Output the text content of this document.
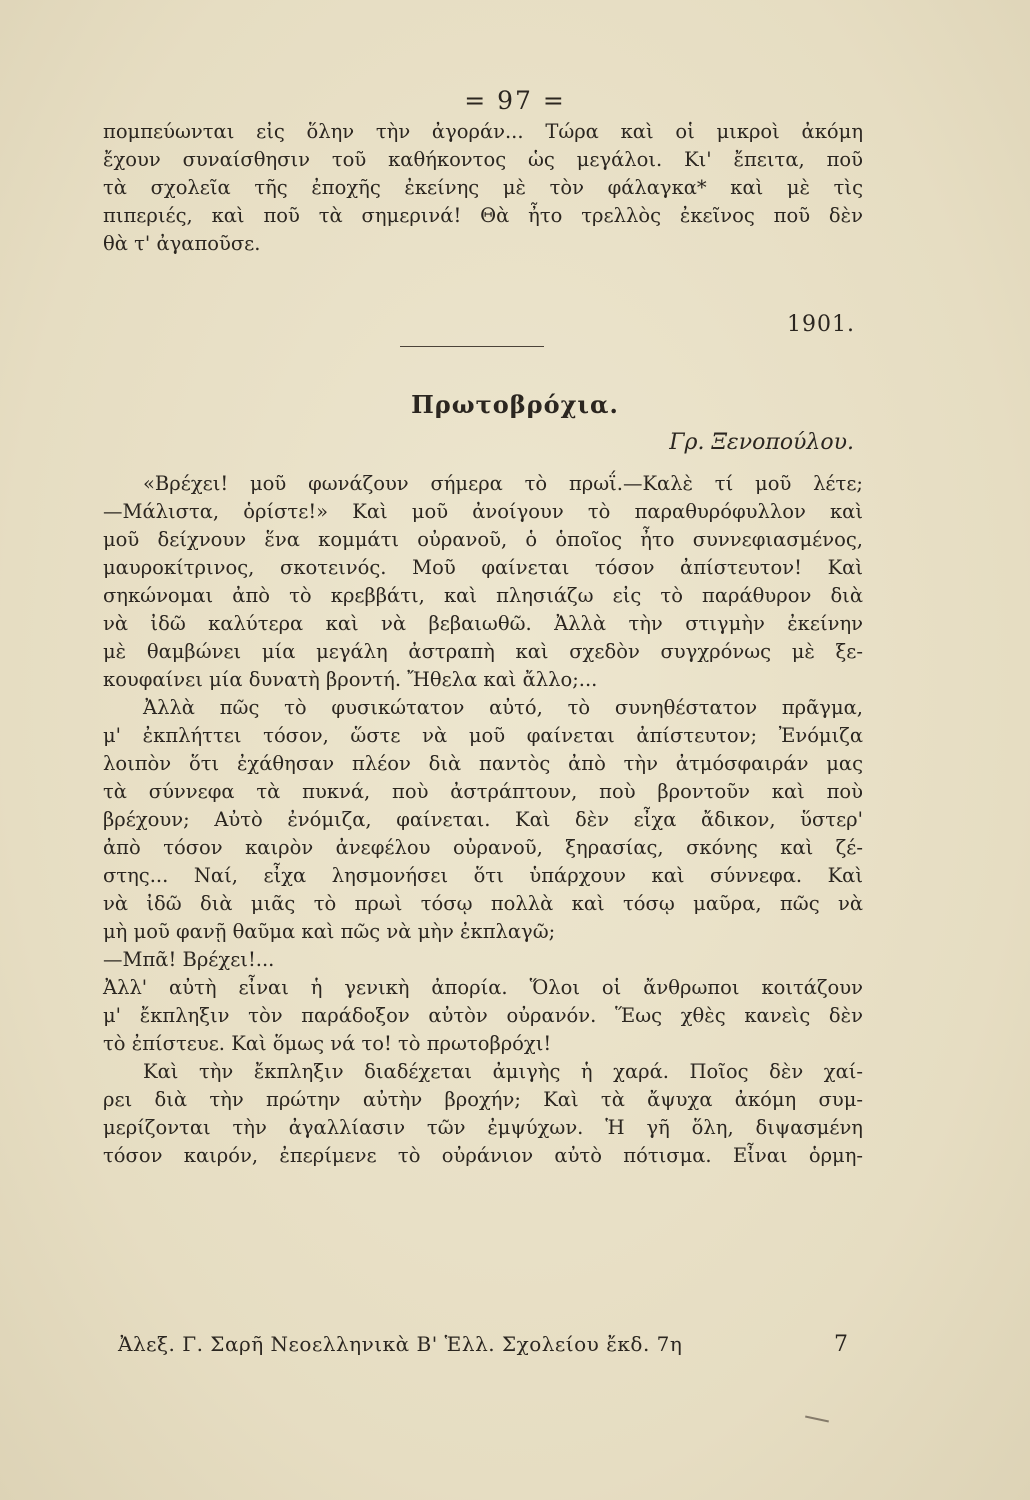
= 97 =
πομπεύωνται εἰς ὅλην τὴν ἀγοράν... Τώρα καὶ οἱ μικροὶ ἀκόμη
ἔχουν συναίσθησιν τοῦ καθήκοντος ὡς μεγάλοι. Κι' ἔπειτα, ποῦ
τὰ σχολεῖα τῆς ἐποχῆς ἐκείνης μὲ τὸν φάλαγκα* καὶ μὲ τὶς
πιπεριές, καὶ ποῦ τὰ σημερινά! Θὰ ἦτο τρελλὸς ἐκεῖνος ποῦ δὲν
θὰ τ' ἀγαποῦσε.
1901.
Πρωτοβρόχια.
Γρ. Ξενοπούλου.
«Βρέχει! μοῦ φωνάζουν σήμερα τὸ πρωΐ.—Καλὲ τί μοῦ λέτε;
—Μάλιστα, ὁρίστε!» Καὶ μοῦ ἀνοίγουν τὸ παραθυρόφυλλον καὶ
μοῦ δείχνουν ἕνα κομμάτι οὐρανοῦ, ὁ ὁποῖος ἦτο συννεφιασμένος,
μαυροκίτρινος, σκοτεινός. Μοῦ φαίνεται τόσον ἀπίστευτον! Καὶ
σηκώνομαι ἀπὸ τὸ κρεββάτι, καὶ πλησιάζω εἰς τὸ παράθυρον διὰ
νὰ ἰδῶ καλύτερα καὶ νὰ βεβαιωθῶ. Ἀλλὰ τὴν στιγμὴν ἐκείνην
μὲ θαμβώνει μία μεγάλη ἀστραπὴ καὶ σχεδὸν συγχρόνως μὲ ξε-
κουφαίνει μία δυνατὴ βροντή. Ἤθελα καὶ ἄλλο;...
Ἀλλὰ πῶς τὸ φυσικώτατον αὐτό, τὸ συνηθέστατον πρᾶγμα,
μ' ἐκπλήττει τόσον, ὥστε νὰ μοῦ φαίνεται ἀπίστευτον; Ἐνόμιζα
λοιπὸν ὅτι ἐχάθησαν πλέον διὰ παντὸς ἀπὸ τὴν ἀτμόσφαιράν μας
τὰ σύννεφα τὰ πυκνά, ποὺ ἀστράπτουν, ποὺ βροντοῦν καὶ ποὺ
βρέχουν; Αὐτὸ ἐνόμιζα, φαίνεται. Καὶ δὲν εἶχα ἄδικον, ὕστερ'
ἀπὸ τόσον καιρὸν ἀνεφέλου οὐρανοῦ, ξηρασίας, σκόνης καὶ ζέ-
στης... Ναί, εἶχα λησμονήσει ὅτι ὑπάρχουν καὶ σύννεφα. Καὶ
νὰ ἰδῶ διὰ μιᾶς τὸ πρωὶ τόσῳ πολλὰ καὶ τόσῳ μαῦρα, πῶς νὰ
μὴ μοῦ φανῇ θαῦμα καὶ πῶς νὰ μὴν ἐκπλαγῶ;
—Μπᾶ! Βρέχει!...
Ἀλλ' αὐτὴ εἶναι ἡ γενικὴ ἀπορία. Ὅλοι οἱ ἄνθρωποι κοιτάζουν
μ' ἔκπληξιν τὸν παράδοξον αὐτὸν οὐρανόν. Ἕως χθὲς κανεὶς δὲν
τὸ ἐπίστευε. Καὶ ὅμως νά το! τὸ πρωτοβρόχι!
Καὶ τὴν ἔκπληξιν διαδέχεται ἀμιγὴς ἡ χαρά. Ποῖος δὲν χαί-
ρει διὰ τὴν πρώτην αὐτὴν βροχήν; Καὶ τὰ ἄψυχα ἀκόμη συμ-
μερίζονται τὴν ἀγαλλίασιν τῶν ἐμψύχων. Ἡ γῆ ὅλη, διψασμένη
τόσον καιρόν, ἐπερίμενε τὸ οὐράνιον αὐτὸ πότισμα. Εἶναι ὁρμη-
Ἀλεξ. Γ. Σαρῆ Νεοελληνικὰ Β' Ἑλλ. Σχολείου ἔκδ. 7η	7
